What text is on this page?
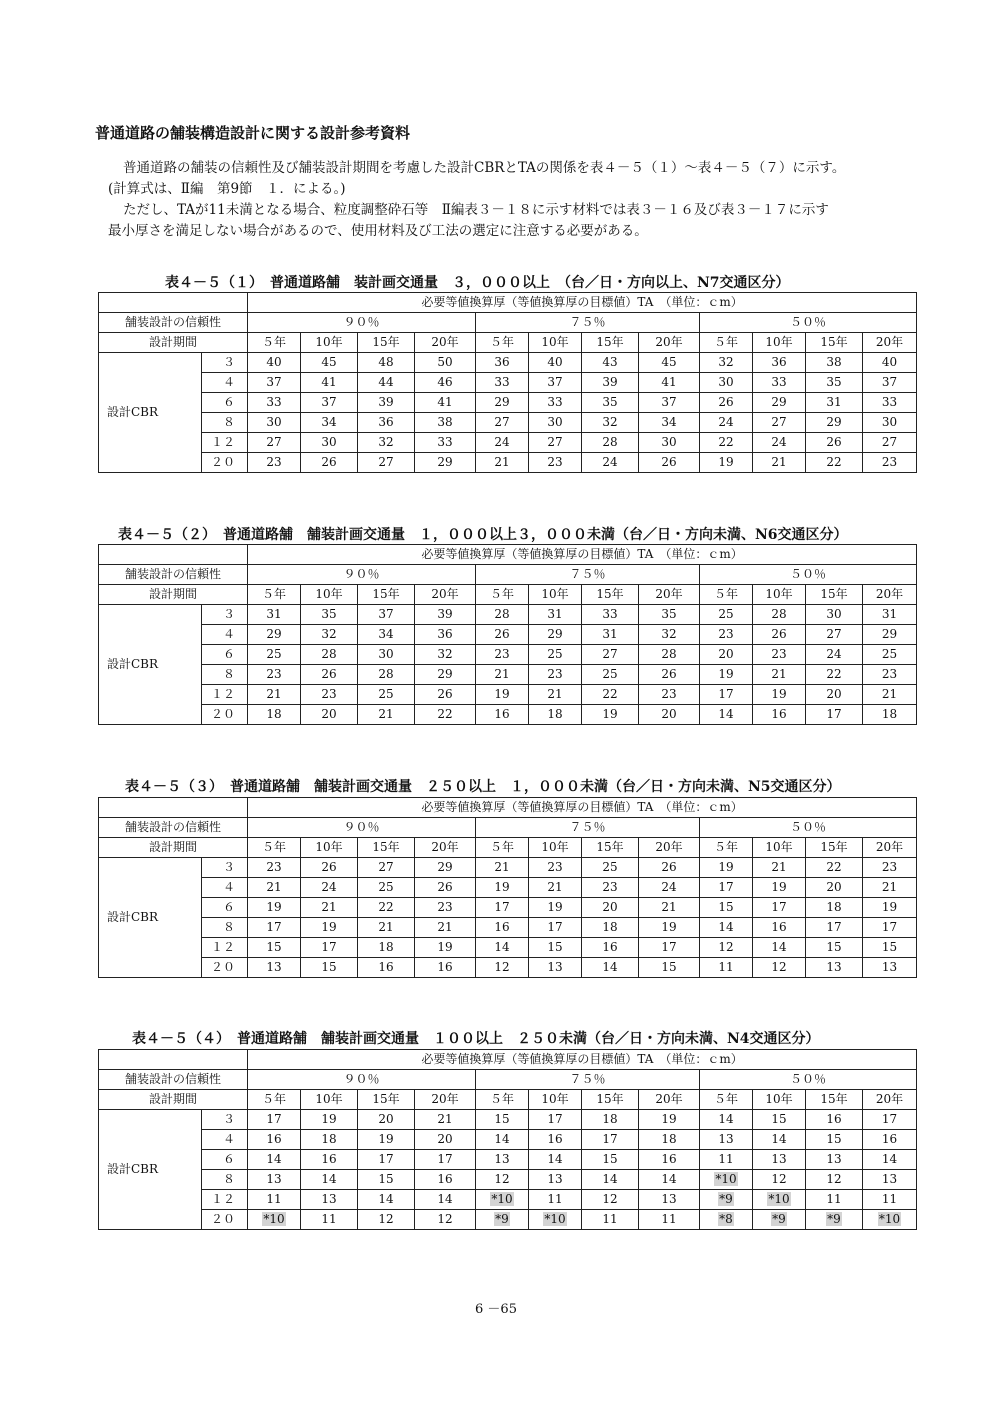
普通道路の舗装構造設計に関する設計参考資料

普通道路の舗装の信頼性及び舗装設計期間を考慮した設計CBRとTAの関係を表４－５（１）～表４－５（７）に示す。

(計算式は、Ⅱ編　第9節　１．による。)

ただし、TAが11未満となる場合、粒度調整砕石等　Ⅱ編表３－１８に示す材料では表３－１６及び表３－１７に示す

最小厚さを満足しない場合があるので、使用材料及び工法の選定に注意する必要がある。

表４－５（１）　普通道路舗　装計画交通量　３，０００以上　（台／日・方向以上、N7交通区分）
		必要等値換算厚（等値換算厚の目標値）TA　（単位：ｃm）											
舗装設計の信頼性		９０％				７５％				５０％			
設計期間		５年	10年	15年	20年	５年	10年	15年	20年	５年	10年	15年	20年
設計CBR	３	40	45	48	50	36	40	43	45	32	36	38	40
	４	37	41	44	46	33	37	39	41	30	33	35	37
	６	33	37	39	41	29	33	35	37	26	29	31	33
	８	30	34	36	38	27	30	32	34	24	27	29	30
	１２	27	30	32	33	24	27	28	30	22	24	26	27
	２０	23	26	27	29	21	23	24	26	19	21	22	23
表４－５（２）　普通道路舗　舗装計画交通量　１，０００以上３，０００未満（台／日・方向未満、N6交通区分）
		必要等値換算厚（等値換算厚の目標値）TA　（単位：ｃm）											
舗装設計の信頼性		９０％				７５％				５０％			
設計期間		５年	10年	15年	20年	５年	10年	15年	20年	５年	10年	15年	20年
設計CBR	３	31	35	37	39	28	31	33	35	25	28	30	31
	４	29	32	34	36	26	29	31	32	23	26	27	29
	６	25	28	30	32	23	25	27	28	20	23	24	25
	８	23	26	28	29	21	23	25	26	19	21	22	23
	１２	21	23	25	26	19	21	22	23	17	19	20	21
	２０	18	20	21	22	16	18	19	20	14	16	17	18
表４－５（３）　普通道路舗　舗装計画交通量　２５０以上　１，０００未満（台／日・方向未満、N5交通区分）
		必要等値換算厚（等値換算厚の目標値）TA　（単位：ｃm）											
舗装設計の信頼性		９０％				７５％				５０％			
設計期間		５年	10年	15年	20年	５年	10年	15年	20年	５年	10年	15年	20年
設計CBR	３	23	26	27	29	21	23	25	26	19	21	22	23
	４	21	24	25	26	19	21	23	24	17	19	20	21
	６	19	21	22	23	17	19	20	21	15	17	18	19
	８	17	19	21	21	16	17	18	19	14	16	17	17
	１２	15	17	18	19	14	15	16	17	12	14	15	15
	２０	13	15	16	16	12	13	14	15	11	12	13	13
表４－５（４）　普通道路舗　舗装計画交通量　１００以上　２５０未満（台／日・方向未満、N4交通区分）
		必要等値換算厚（等値換算厚の目標値）TA　（単位：ｃm）											
舗装設計の信頼性		９０％				７５％				５０％			
設計期間		５年	10年	15年	20年	５年	10年	15年	20年	５年	10年	15年	20年
設計CBR	３	17	19	20	21	15	17	18	19	14	15	16	17
	４	16	18	19	20	14	16	17	18	13	14	15	16
	６	14	16	17	17	13	14	15	16	11	13	13	14
	８	13	14	15	16	12	13	14	14	*10	12	12	13
	１２	11	13	14	14	*10	11	12	13	*9	*10	11	11
	２０	*10	11	12	12	*9	*10	11	11	*8	*9	*9	*10
6 －65
